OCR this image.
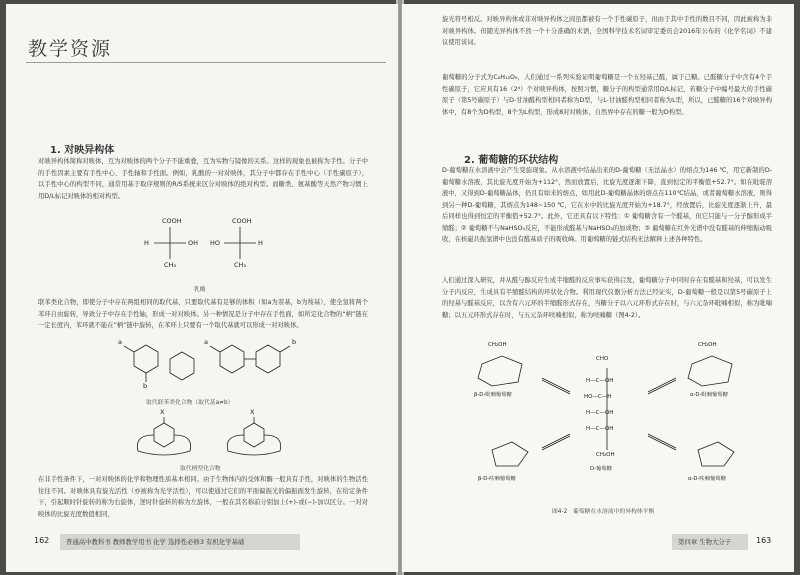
教学资源
1. 对映异构体
对映异构体简称对映体，互为对映体的两个分子不能重叠，互为实物与镜像的关系。这样的现象也被称为手性。分子中的手性因素主要有手性中心、手性轴和手性面。例如，乳酸的一对对映体，其分子中都存在手性中心（手性碳原子），以手性中心的构型不同，通常用基于取序规则的R/S系统来区分对映体的绝对构型。而糖类、氨基酸等天然产物习惯上用D/L标记对映体的相对构型。
COOH
H	OH
CH₃
COOH
HO	H
CH₃
乳酸
联苯类化合物，即使分子中存在两组相同的取代基，只要取代基有足够的体积（如a为萘基，b为羧基），使全氢将两个苯环自由旋转，导致分子中存在手性轴，形成一对对映体。另一种情况是分子中存在手性面，如所定化合物的“柄”链在一定长度内，苯环就不能在“柄”链中旋转，在苯环上只要有一个取代基就可以形成一对对映体。
a
b
a	b
取代联苯类化合物（取代基a≠b）
X	X
取代柄型化合物
在非手性条件下，一对对映体的化学和物理性质基本相同。由于生物体内的受体和酶一般具有手性，对映体的生物活性往往不同。对映体具有旋光活性（亦被称为光学活性），可以使通过它们的平面偏振光的偏振面发生旋转，在给定条件下，引起顺时针旋转的称为右旋体，逆时针旋转的称为左旋体，一般在其名称前分别加上(+)-或(−)-加以区分。一对对映体的比旋光度数值相同，
162	普通高中教科书 教师教学用书 化学 选择性必修3 有机化学基础
旋光符号相反。对映异构体或非对映异构体之间虽都被有一个手性碳原子，但由于其中手性的数目不同，因此被称为非对映异构体。但随光异构体不然一个十分准确的术语，全国科学技术名词审定委员会2016年公布的《化学名词》不建议使用该词。
葡萄糖的分子式为C₆H₁₂O₆，人们通过一系列实验证明葡萄糖是一个五羟基己醛，属于己糖。已醛糖分子中含有4个手性碳原子，它应具有16（2⁴）个对映异构体，按照习惯，糖分子的构型通常用D/L标记，若糖分子中编号最大的手性碳原子（第5号碳原子）与D-甘油醛构型相同者称为D型，与L-甘油醛构型相同者称为L型，所以，已醛糖的16个对映异构体中，有8个为D构型，8个为L构型，形成8对对映体，自然界中存在的糖一般为D构型。
2. 葡萄糖的环状结构
D-葡萄糖在水溶液中会产生变旋现象。从水溶液中结晶出来的D-葡萄糖（无法晶水）的熔点为146 ℃，用它新制的D-葡萄糖水溶液，其比旋光度开始为+112°，然而放置后，比旋光度逐渐下降，直到恒定的平衡值+52.7°。如在吡啶溶液中，又得到D-葡萄糖晶体，仍且有如来的熔点，如用此D-葡萄糖晶体的熔点在110℃结晶，或者葡萄糖水溶液，则得到另一种D-葡萄糖，其熔点为148~150 ℃，它在水中的比旋光度开始为+18.7°，经放置后，比旋光度逐渐上升，最后同样也得到恒定的平衡值+52.7°。此外，它还具有以下特性：① 葡萄糖含有一个醛基，但它只能与一分子醇形成半缩醛；② 葡萄糖不与NaHSO₃反应，不能形成醛基与NaHSO₃的加成物；③ 葡萄糖在红外光谱中没有醛基的伸缩振动吸收，在核磁共振氢谱中也没有醛基质子的吸收峰。用葡萄糖的链式结构无法解释上述各种特性。
人们通过深入研究，并从醛与醇反应生成半缩醛的反应事实获得启发，葡萄糖分子中同时存在有醛基和羟基，可以发生分子内反应，生成具有半缩醛结构的环状化合物。利用现代仪器分析方法已经证实，D-葡萄糖一般是以第5号碳原子上的羟基与醛基反应，以含有六元环的半缩醛形式存在，当糖分子以六元环形式存在时，与六元杂环吡喃相似，称为吡喃糖；以五元环形式存在时，与五元杂环呋喃相似，称为呋喃糖（图4-2）。
CH₂OH	CH₂OH
CHO
H—C—OH
HO—C—H
H—C—OH
H—C—OH
CH₂OH
β-D-吡喃葡萄糖	α-D-吡喃葡萄糖
β-D-呋喃葡萄糖	α-D-呋喃葡萄糖
D-葡萄糖
图4-2　葡萄糖在水溶液中的异构体平衡
第四章 生物大分子	163
